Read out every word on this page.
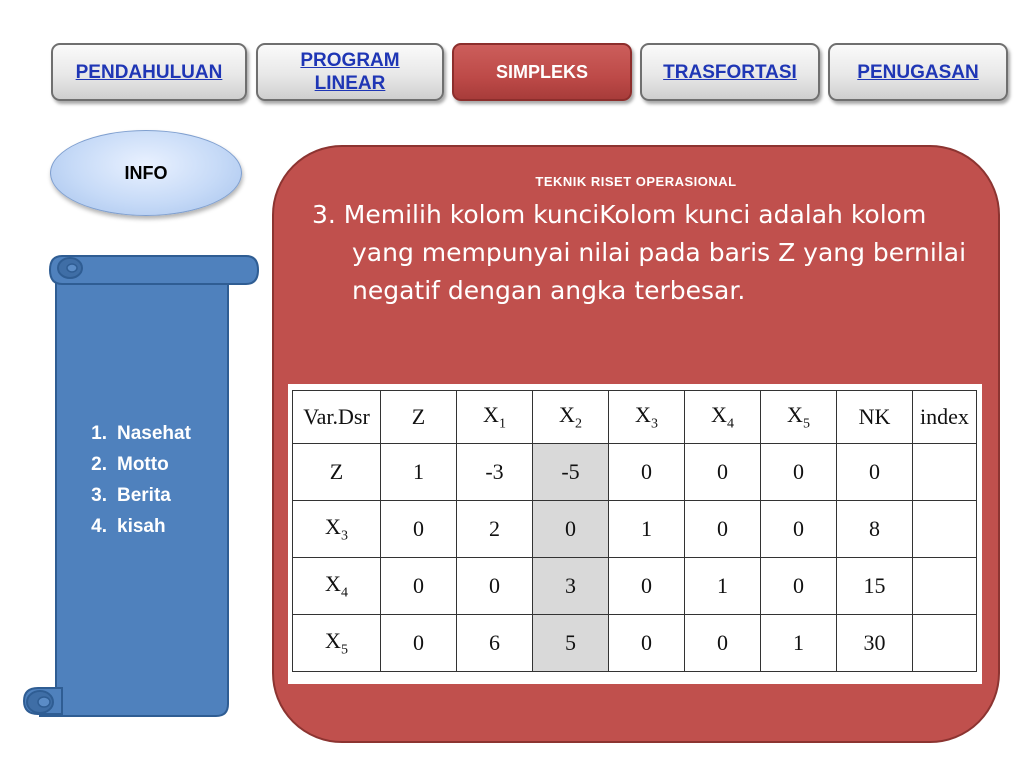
PENDAHULUAN
PROGRAM
LINEAR
SIMPLEKS	TRASFORTASI	PENUGASAN
INFO
1. Nasehat
2. Motto
3. Berita
4. kisah
TEKNIK RISET OPERASIONAL
3. Memilih kolom kunciKolom kunci adalah kolom yang mempunyai nilai pada baris Z yang bernilai negatif dengan angka terbesar.
Var.Dsr	Z	$X_1$	$X_2$	$X_3$	$X_4$	$X_5$	NK	index
Z	1	-3	-5	0	0	0	0	
$X_3$	0	2	0	1	0	0	8	
$X_4$	0	0	3	0	1	0	15	
$X_5$	0	6	5	0	0	1	30	
